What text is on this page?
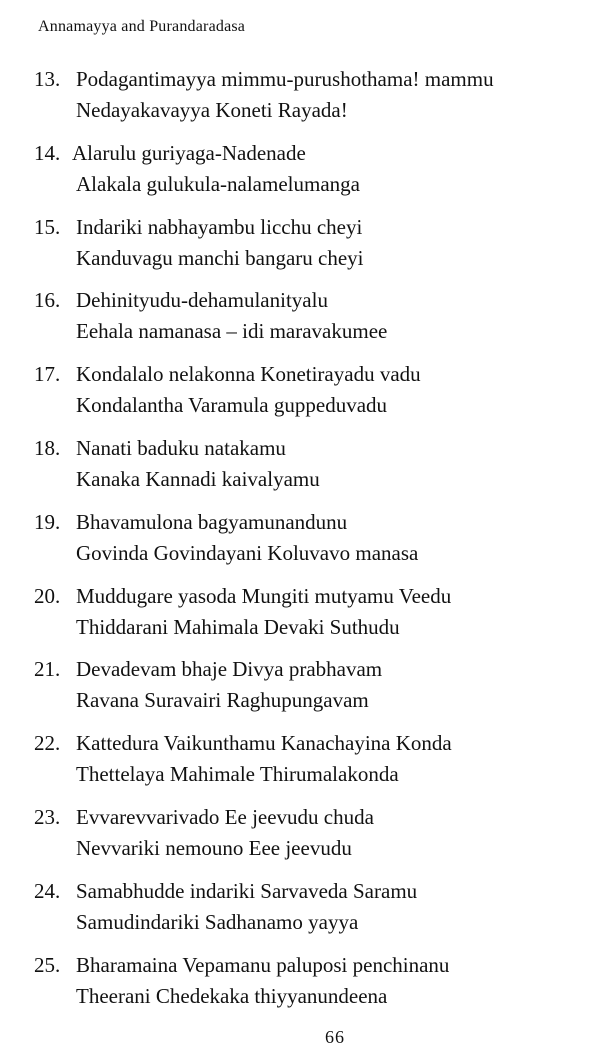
Annamayya and Purandaradasa
13. Podagantimayya mimmu-purushothama! mammu
Nedayakavayya Koneti Rayada!
14. Alarulu guriyaga-Nadenade
Alakala gulukula-nalamelumanga
15. Indariki nabhayambu licchu cheyi
Kanduvagu manchi bangaru cheyi
16. Dehinityudu-dehamulanityalu
Eehala namanasa – idi maravakumee
17. Kondalalo nelakonna Konetirayadu vadu
Kondalantha Varamula guppeduvadu
18. Nanati baduku natakamu
Kanaka Kannadi kaivalyamu
19. Bhavamulona bagyamunandunu
Govinda Govindayani Koluvavo manasa
20. Muddugare yasoda Mungiti mutyamu Veedu
Thiddarani Mahimala Devaki Suthudu
21. Devadevam bhaje Divya prabhavam
Ravana Suravairi Raghupungavam
22. Kattedura Vaikunthamu Kanachayina Konda
Thettelaya Mahimale Thirumalakonda
23. Evvarevvarivado Ee jeevudu chuda
Nevvariki nemouno Eee jeevudu
24. Samabhudde indariki Sarvaveda Saramu
Samudindariki Sadhanamo yayya
25. Bharamaina Vepamanu paluposi penchinanu
Theerani Chedekaka thiyyanundeena
66
